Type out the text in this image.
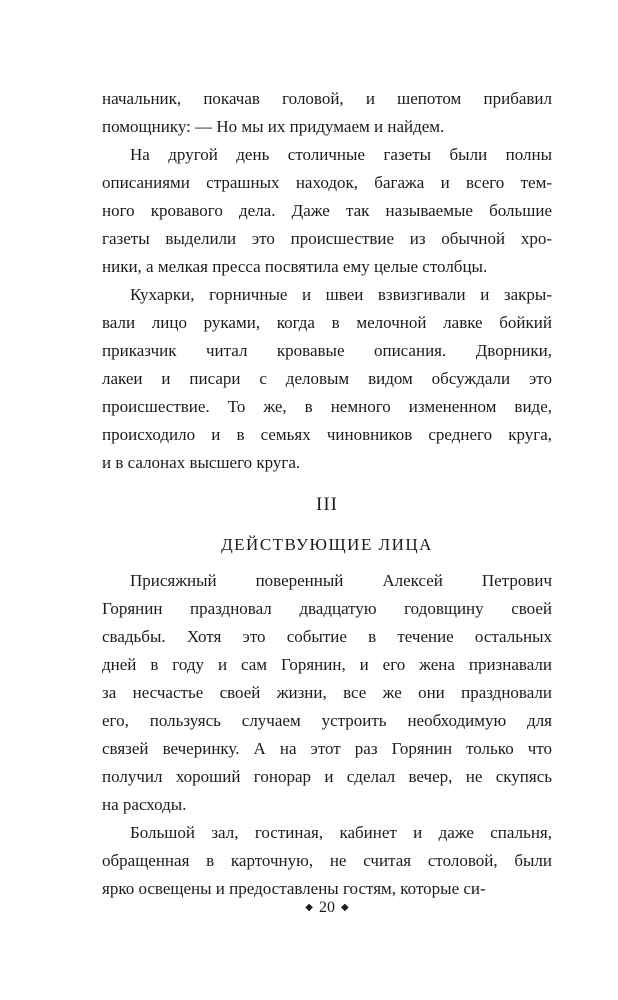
начальник, покачав головой, и шепотом прибавил
помощнику: — Но мы их придумаем и найдем.

На другой день столичные газеты были полны
описаниями страшных находок, багажа и всего тем-
ного кровавого дела. Даже так называемые большие
газеты выделили это происшествие из обычной хро-
ники, а мелкая пресса посвятила ему целые столбцы.

Кухарки, горничные и швеи взвизгивали и закры-
вали лицо руками, когда в мелочной лавке бойкий
приказчик читал кровавые описания. Дворники,
лакеи и писари с деловым видом обсуждали это
происшествие. То же, в немного измененном виде,
происходило и в семьях чиновников среднего круга,
и в салонах высшего круга.

III
ДЕЙСТВУЮЩИЕ ЛИЦА

Присяжный поверенный Алексей Петрович
Горянин праздновал двадцатую годовщину своей
свадьбы. Хотя это событие в течение остальных
дней в году и сам Горянин, и его жена признавали
за несчастье своей жизни, все же они праздновали
его, пользуясь случаем устроить необходимую для
связей вечеринку. А на этот раз Горянин только что
получил хороший гонорар и сделал вечер, не скупясь
на расходы.

Большой зал, гостиная, кабинет и даже спальня,
обращенная в карточную, не считая столовой, были
ярко освещены и предоставлены гостям, которые си-

◆ 20 ◆
